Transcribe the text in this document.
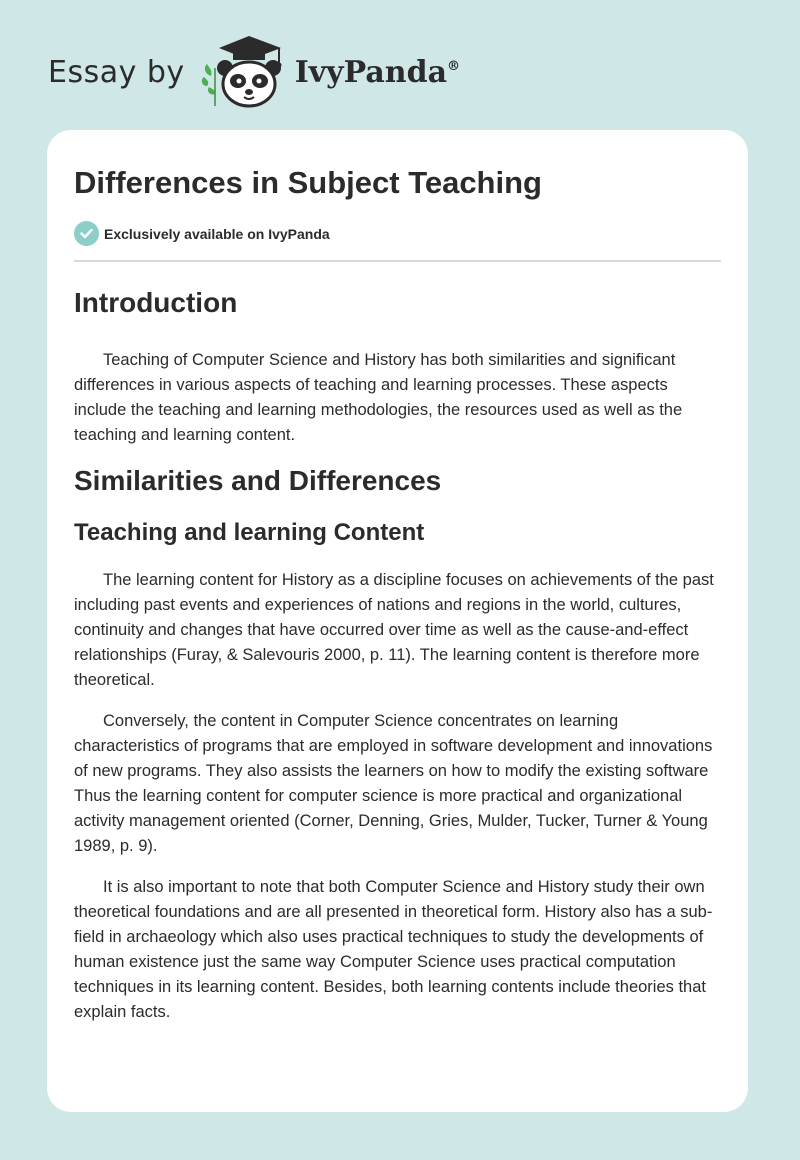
Essay by	IvyPanda®
Differences in Subject Teaching
Exclusively available on IvyPanda
Introduction

Teaching of Computer Science and History has both similarities and significant differences in various aspects of teaching and learning processes. These aspects include the teaching and learning methodologies, the resources used as well as the teaching and learning content.

Similarities and Differences
Teaching and learning Content

The learning content for History as a discipline focuses on achievements of the past including past events and experiences of nations and regions in the world, cultures, continuity and changes that have occurred over time as well as the cause-and-effect relationships (Furay, & Salevouris 2000, p. 11). The learning content is therefore more theoretical.

Conversely, the content in Computer Science concentrates on learning characteristics of programs that are employed in software development and innovations of new programs. They also assists the learners on how to modify the existing software Thus the learning content for computer science is more practical and organizational activity management oriented (Corner, Denning, Gries, Mulder, Tucker, Turner & Young 1989, p. 9).

It is also important to note that both Computer Science and History study their own theoretical foundations and are all presented in theoretical form. History also has a sub-field in archaeology which also uses practical techniques to study the developments of human existence just the same way Computer Science uses practical computation techniques in its learning content. Besides, both learning contents include theories that explain facts.
